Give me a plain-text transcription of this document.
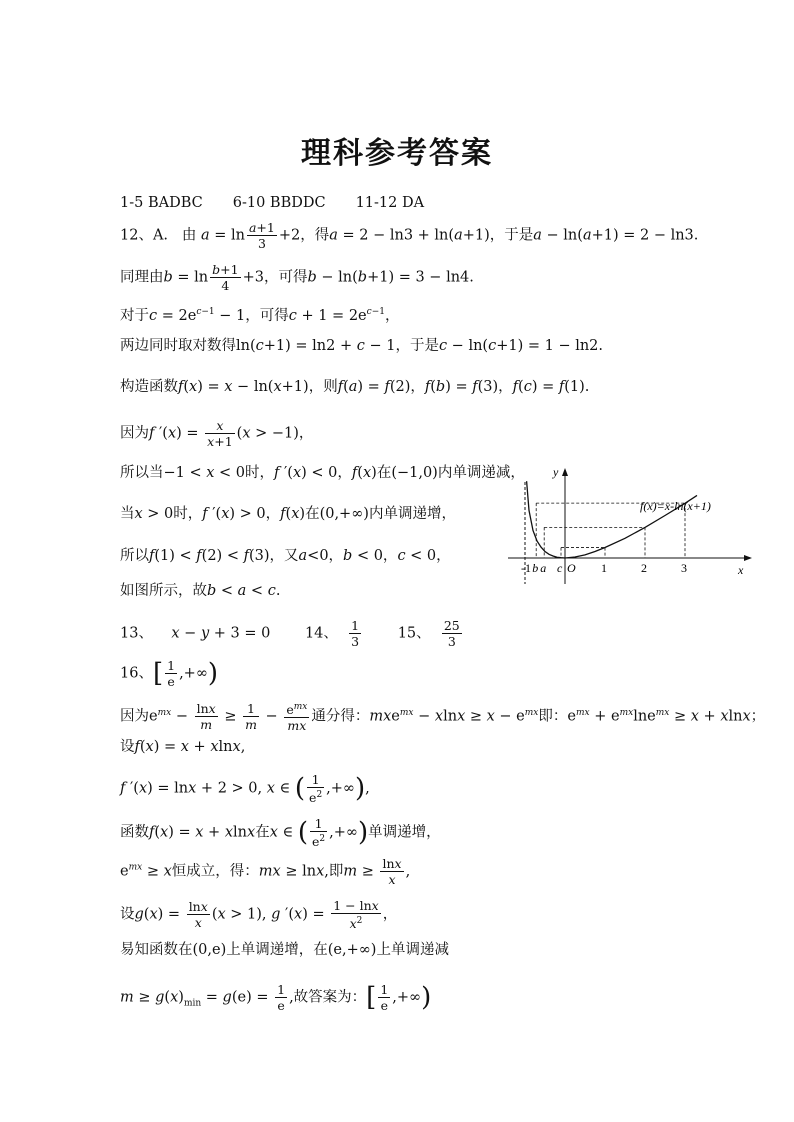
理科参考答案
1-5 BADBC 6-10 BBDDC 11-12 DA
12、A. 由 $a = \ln \frac{a+1}{3} +2$，得a = 2 − ln3 + ln(a+1)，于是a − ln(a+1) = 2 − ln3.
同理由$b = \ln \frac{b+1}{4} +3$，可得b − ln(b+1) = 3 − ln4.
对于$c = 2e^{c-1} - 1$，可得$c + 1 = 2e^{c-1}$，
两边同时取对数得ln(c+1) = ln2 + c − 1，于是c − ln(c+1) = 1 − ln2.
构造函数f(x) = x − ln(x+1)，则f(a) = f(2)，f(b) = f(3)，f(c) = f(1).
因为f $'(x) = \frac{x}{x+1} (x > -1)$，
所以当−1 < x < 0时，f ′(x) < 0，f(x)在(−1,0)内单调递减，
当x > 0时，f ′(x) > 0，f(x)在(0,+∞)内单调递增，
所以f(1) < f(2) < f(3)，又a<0，b < 0，c < 0，
如图所示，故b < a < c.
13、 x − y + 3 = 0 14、 $\frac{1}{3}$	15、 $\frac{25}{3}$
16、[ $\frac{1}{e}$ ,+∞)
因为$e^{mx} - \frac{\ln x}{m} \ge \frac{1}{m} - \frac{e^{mx}}{mx}$ 通分得：$mxe^{mx} - xlnx \ge x - e^{mx}$即：$e^{mx} + e^{mx}\ln e^{mx} \ge x + xlnx$；
设f(x) = x + xlnx,
f ′(x) = lnx + 2 > 0, x ∈ ( $\frac{1}{e^2}$ ,+∞),
函数f(x) = x + xlnx在x ∈ ( $\frac{1}{e^2}$ ,+∞)单调递增，
$e^{mx} \ge x$恒成立，得：mx ≥ lnx,即$m \ge \frac{\ln x}{x}$ ,
设$g(x) = \frac{\ln x}{x} (x > 1)$, g $'(x) = \frac{1 - \ln x}{x^2}$ ，
易知函数在(0,e)上单调递增，在(e,+∞)上单调递减
$m \ge g(x)_{min} = g(e) = \frac{1}{e}$ ,故答案为：[ $\frac{1}{e}$ ,+∞)
x
y
-1 b a c O 1	2	3
f(x)=x-ln(x+1)
